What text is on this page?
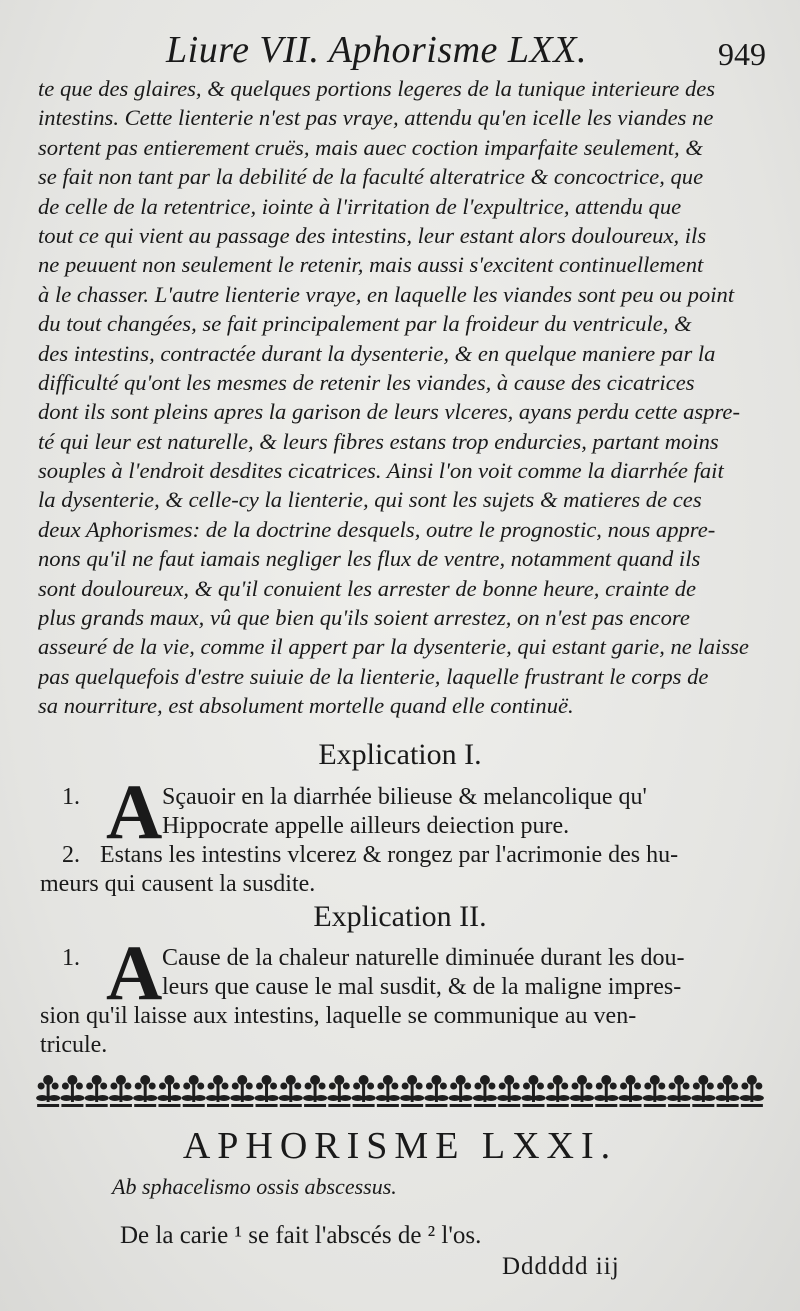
Liure VII. Aphorisme LXX.	949
te que des glaires, & quelques portions legeres de la tunique interieure des
intestins. Cette lienterie n'est pas vraye, attendu qu'en icelle les viandes ne
sortent pas entierement cruës, mais auec coction imparfaite seulement, &
se fait non tant par la debilité de la faculté alteratrice & concoctrice, que
de celle de la retentrice, iointe à l'irritation de l'expultrice, attendu que
tout ce qui vient au passage des intestins, leur estant alors douloureux, ils
ne peuuent non seulement le retenir, mais aussi s'excitent continuellement
à le chasser. L'autre lienterie vraye, en laquelle les viandes sont peu ou point
du tout changées, se fait principalement par la froideur du ventricule, &
des intestins, contractée durant la dysenterie, & en quelque maniere par la
difficulté qu'ont les mesmes de retenir les viandes, à cause des cicatrices
dont ils sont pleins apres la garison de leurs vlceres, ayans perdu cette aspre-
té qui leur est naturelle, & leurs fibres estans trop endurcies, partant moins
souples à l'endroit desdites cicatrices. Ainsi l'on voit comme la diarrhée fait
la dysenterie, & celle-cy la lienterie, qui sont les sujets & matieres de ces
deux Aphorismes: de la doctrine desquels, outre le prognostic, nous appre-
nons qu'il ne faut iamais negliger les flux de ventre, notamment quand ils
sont douloureux, & qu'il conuient les arrester de bonne heure, crainte de
plus grands maux, vû que bien qu'ils soient arrestez, on n'est pas encore
asseuré de la vie, comme il appert par la dysenterie, qui estant garie, ne laisse
pas quelquefois d'estre suiuie de la lienterie, laquelle frustrant le corps de
sa nourriture, est absolument mortelle quand elle continuë.
Explication I.
1. A Sçauoir en la diarrhée bilieuse & melancolique qu'
Hippocrate appelle ailleurs deiection pure.
2. Estans les intestins vlcerez & rongez par l'acrimonie des hu-
meurs qui causent la susdite.
Explication II.
1. A Cause de la chaleur naturelle diminuée durant les dou-
leurs que cause le mal susdit, & de la maligne impres-
sion qu'il laisse aux intestins, laquelle se communique au ven-
tricule.
APHORISME LXXI.
Ab sphacelismo ossis abscessus.
De la carie ¹ se fait l'abscés de ² l'os.
Dddddd iij
